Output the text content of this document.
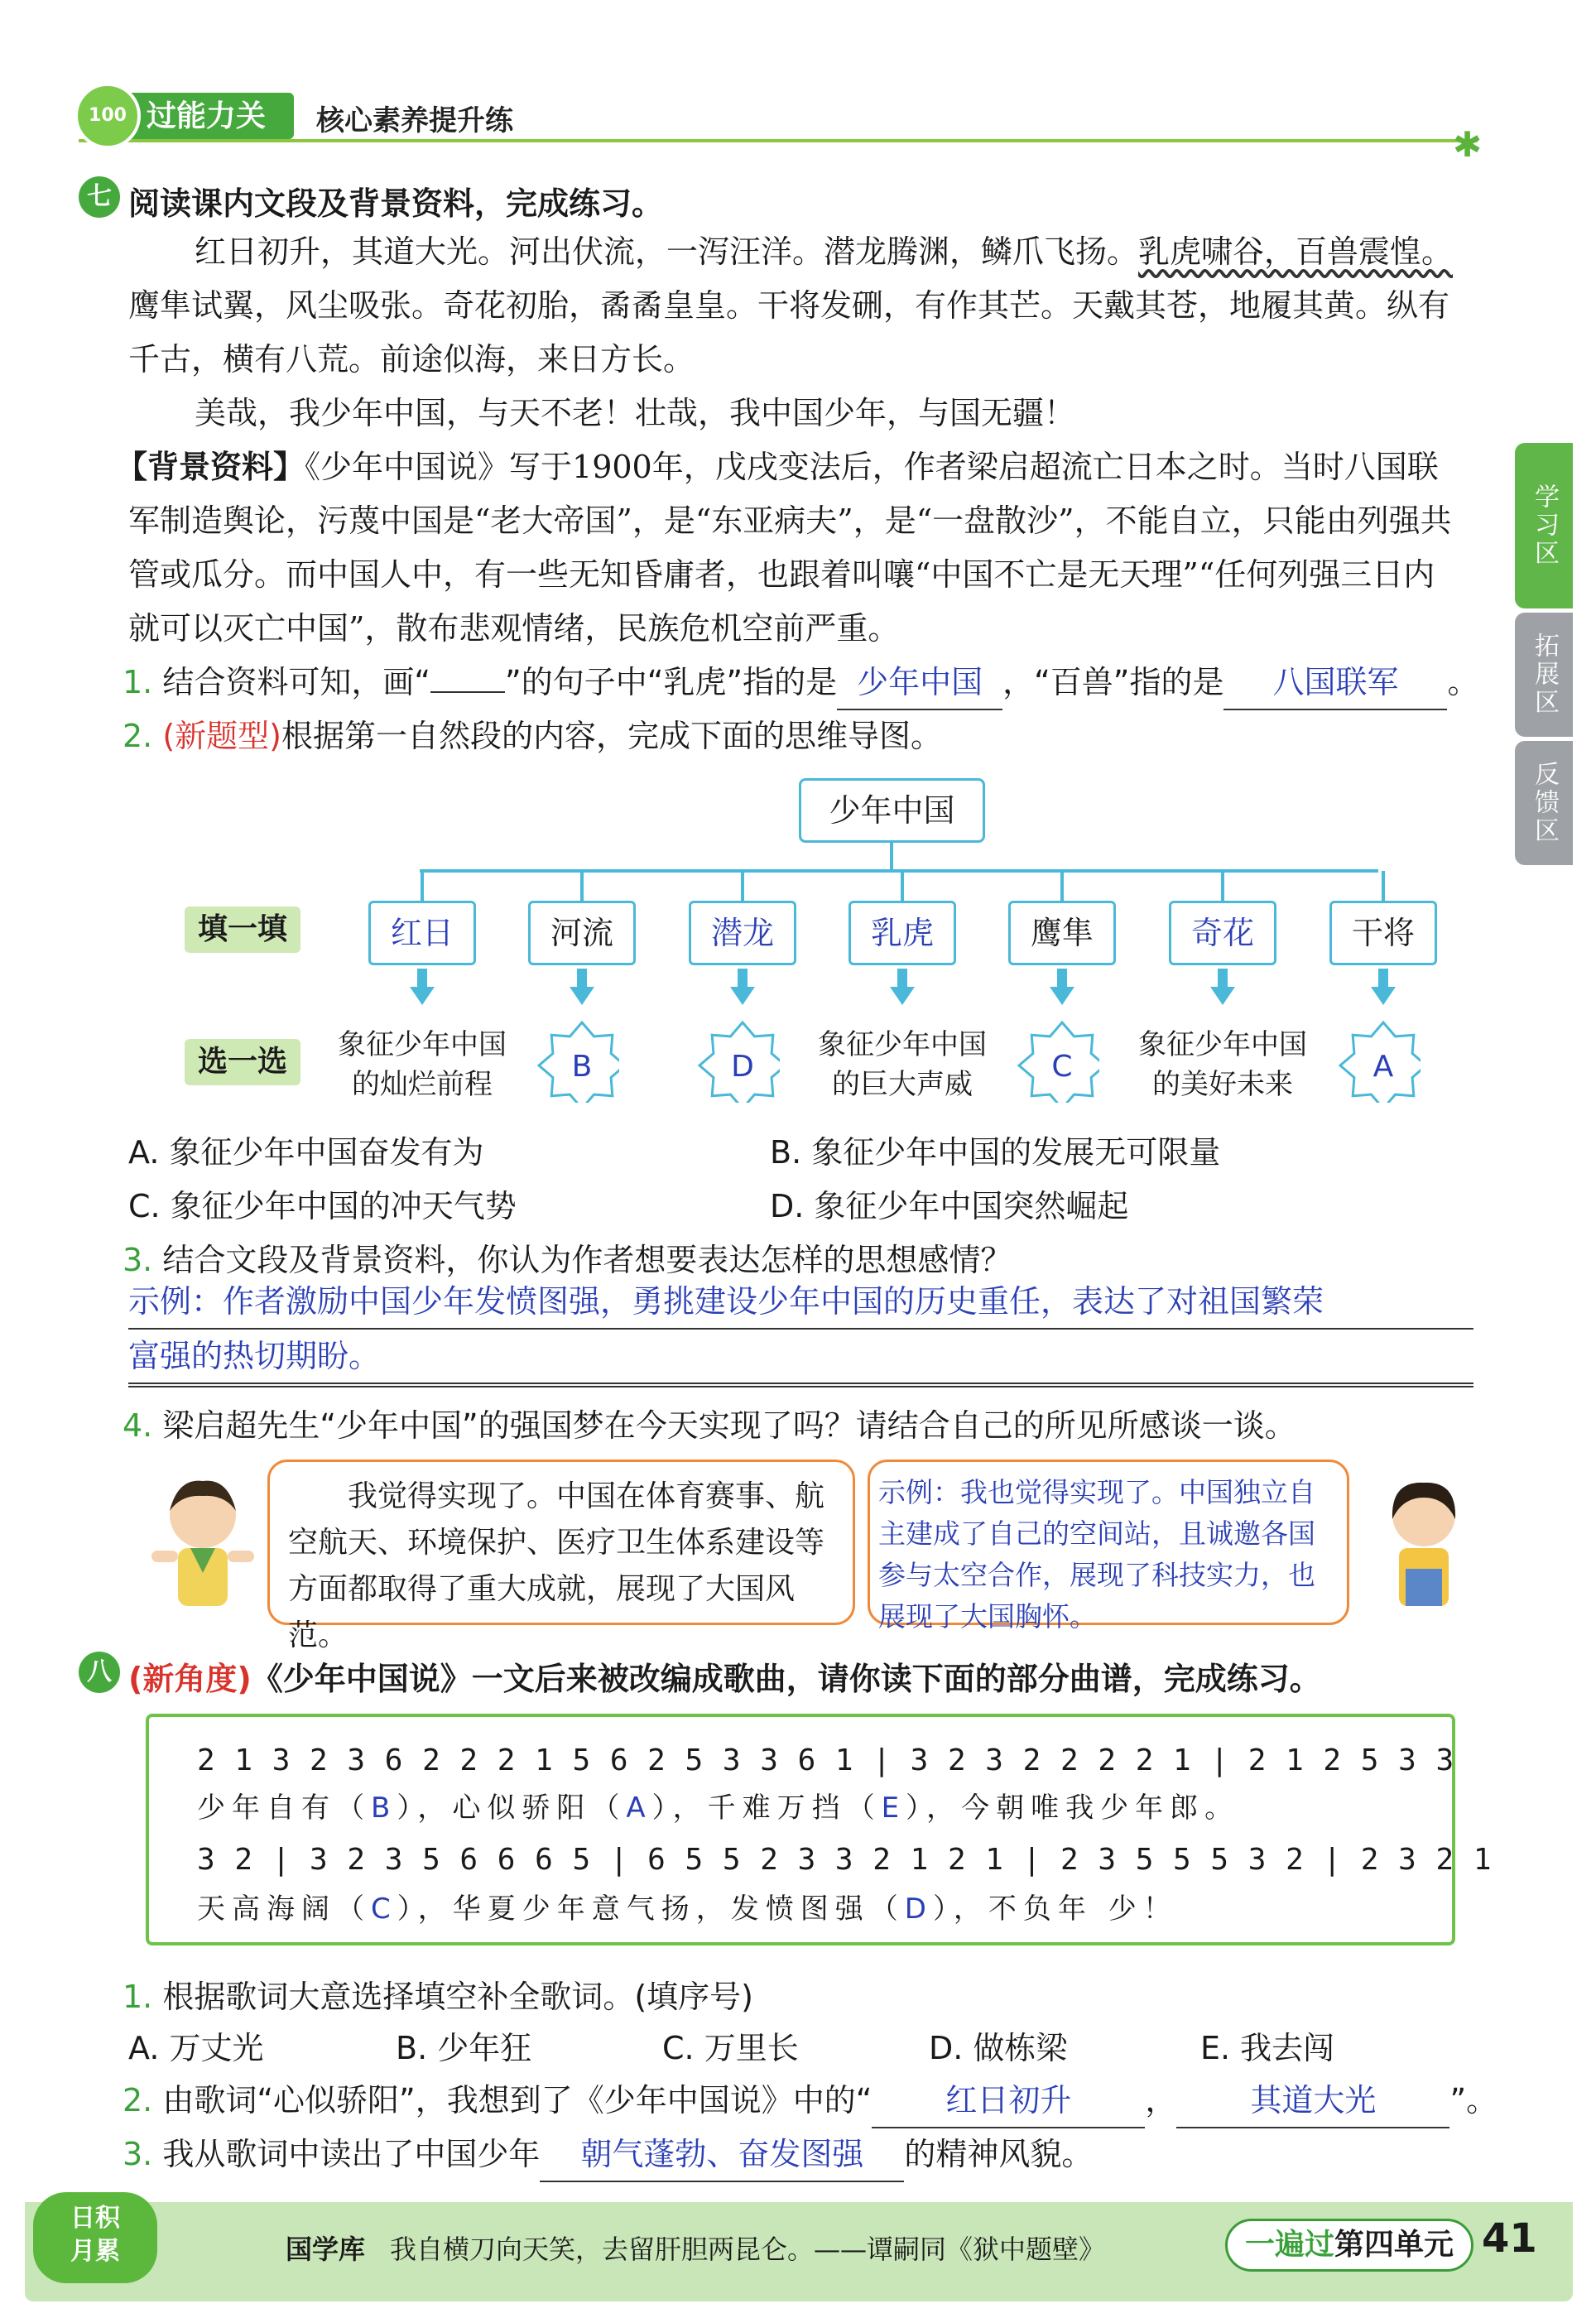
过能力关
100	核心素养提升练
✱
学习区
拓展区
反馈区
七 阅读课内文段及背景资料，完成练习。
红日初升，其道大光。河出伏流，一泻汪洋。潜龙腾渊，鳞爪飞扬。乳虎啸谷，百兽震惶。
鹰隼试翼，风尘吸张。奇花初胎，矞矞皇皇。干将发硎，有作其芒。天戴其苍，地履其黄。纵有
千古，横有八荒。前途似海，来日方长。
美哉，我少年中国，与天不老！壮哉，我中国少年，与国无疆！
【背景资料】《少年中国说》写于1900年，戊戌变法后，作者梁启超流亡日本之时。当时八国联
军制造舆论，污蔑中国是“老大帝国”，是“东亚病夫”，是“一盘散沙”，不能自立，只能由列强共
管或瓜分。而中国人中，有一些无知昏庸者，也跟着叫嚷“中国不亡是无天理”“任何列强三日内
就可以灭亡中国”，散布悲观情绪，民族危机空前严重。
1. 结合资料可知，画“ ”的句子中“乳虎”指的是 少年中国 ，“百兽”指的是 八国联军 。
2. (新题型)根据第一自然段的内容，完成下面的思维导图。
少年中国
填一填
选一选
红日
象征少年中国
的灿烂前程
河流
B
潜龙
D
乳虎
象征少年中国
的巨大声威
鹰隼
C
奇花
象征少年中国
的美好未来
干将
A
A. 象征少年中国奋发有为	B. 象征少年中国的发展无可限量
C. 象征少年中国的冲天气势	D. 象征少年中国突然崛起
3. 结合文段及背景资料，你认为作者想要表达怎样的思想感情？
示例：作者激励中国少年发愤图强，勇挑建设少年中国的历史重任，表达了对祖国繁荣
富强的热切期盼。
4. 梁启超先生“少年中国”的强国梦在今天实现了吗？请结合自己的所见所感谈一谈。
我觉得实现了。中国在体育赛事、航
空航天、环境保护、医疗卫生体系建设等
方面都取得了重大成就，展现了大国风范。
示例：我也觉得实现了。中国独立自
主建成了自己的空间站，且诚邀各国
参与太空合作，展现了科技实力，也
展现了大国胸怀。
八 (新角度)《少年中国说》一文后来被改编成歌曲，请你读下面的部分曲谱，完成练习。
2 1 3 2 3 6 2 2 2 1 5 6 2 5 3 3 6 1 | 3 2 3 2 2 2 2 1 | 2 1 2 5 3 3
少年自有（B），心似骄阳（A），千难万挡（E），今朝唯我少年郎。
3 2 | 3 2 3 5 6 6 6 5 | 6 5 5 2 3 3 2 1 2 1 | 2 3 5 5 5 3 2 | 2 3 2 1
天高海阔（C），华夏少年意气扬，发愤图强（D），不负年 少！
1. 根据歌词大意选择填空补全歌词。(填序号)
A. 万丈光	B. 少年狂	C. 万里长	D. 做栋梁	E. 我去闯
2. 由歌词“心似骄阳”，我想到了《少年中国说》中的“ 红日初升 ， 其道大光 ”。
3. 我从歌词中读出了中国少年 朝气蓬勃、奋发图强 的精神风貌。
日积
月累	国学库 我自横刀向天笑，去留肝胆两昆仑。——谭嗣同《狱中题壁》	一遍过第四单元 41
